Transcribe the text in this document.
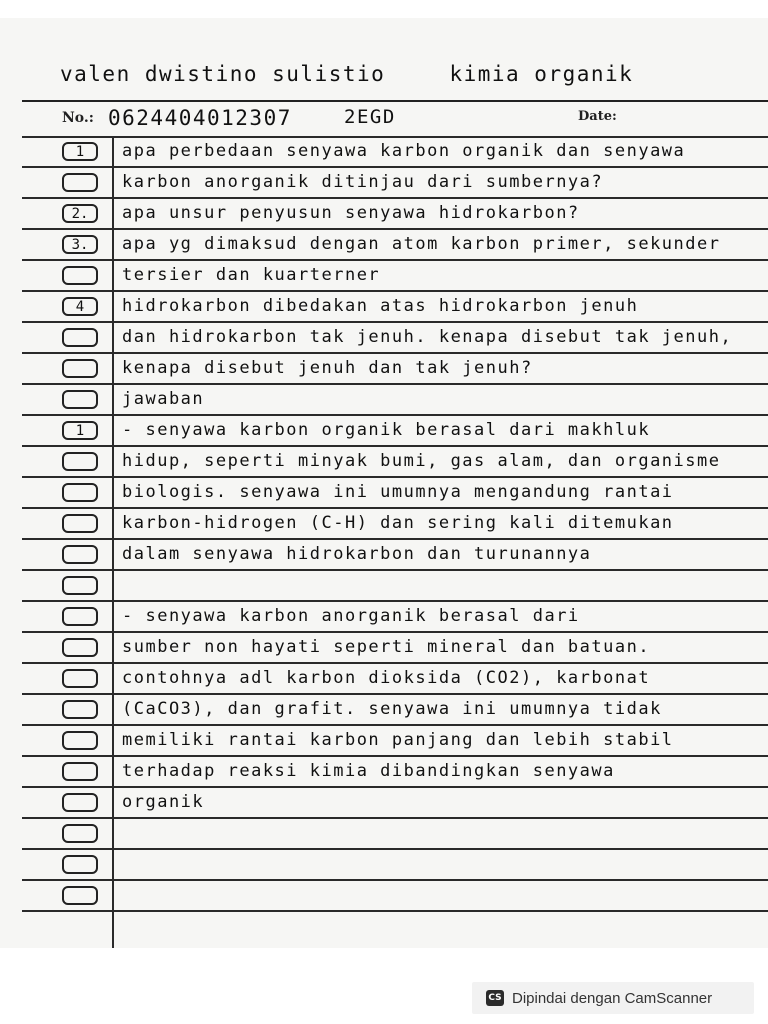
valen dwistino sulistio	kimia organik
No.: 0624404012307	2EGD	Date:
1	apa perbedaan senyawa karbon organik dan senyawa
karbon anorganik ditinjau dari sumbernya?
2.	apa unsur penyusun senyawa hidrokarbon?
3.	apa yg dimaksud dengan atom karbon primer, sekunder
tersier dan kuarterner
4	hidrokarbon dibedakan atas hidrokarbon jenuh
dan hidrokarbon tak jenuh. kenapa disebut tak jenuh,
kenapa disebut jenuh dan tak jenuh?
jawaban
1	- senyawa karbon organik berasal dari makhluk
hidup, seperti minyak bumi, gas alam, dan organisme
biologis. senyawa ini umumnya mengandung rantai
karbon-hidrogen (C-H) dan sering kali ditemukan
dalam senyawa hidrokarbon dan turunannya
- senyawa karbon anorganik berasal dari
sumber non hayati seperti mineral dan batuan.
contohnya adl karbon dioksida (CO2), karbonat
(CaCO3), dan grafit. senyawa ini umumnya tidak
memiliki rantai karbon panjang dan lebih stabil
terhadap reaksi kimia dibandingkan senyawa
organik
CS Dipindai dengan CamScanner
